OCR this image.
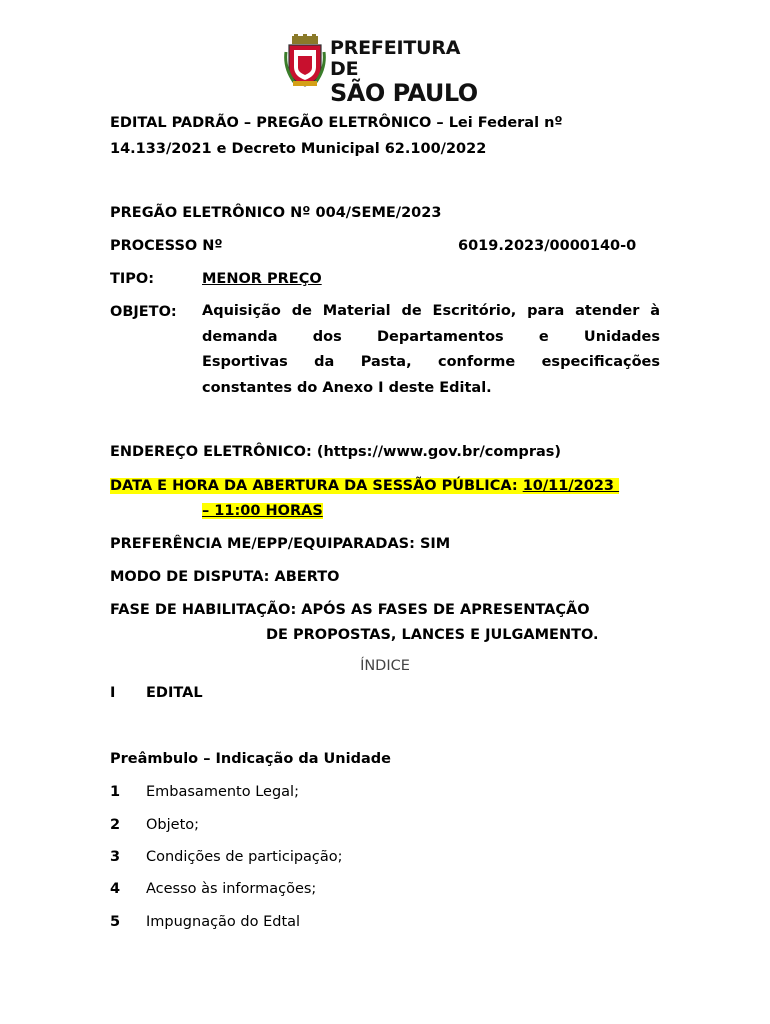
PREFEITURA DE
SÃO PAULO
EDITAL PADRÃO – PREGÃO ELETRÔNICO – Lei Federal nº
14.133/2021 e Decreto Municipal 62.100/2022
PREGÃO ELETRÔNICO Nº 004/SEME/2023
PROCESSO Nº	6019.2023/0000140-0
TIPO:	MENOR PREÇO
OBJETO: Aquisição de Material de Escritório, para atender à
demanda dos Departamentos e Unidades
Esportivas da Pasta, conforme especificações
constantes do Anexo I deste Edital.
ENDEREÇO ELETRÔNICO: (https://www.gov.br/compras)
DATA E HORA DA ABERTURA DA SESSÃO PÚBLICA: 10/11/2023
– 11:00 HORAS
PREFERÊNCIA ME/EPP/EQUIPARADAS: SIM
MODO DE DISPUTA: ABERTO
FASE DE HABILITAÇÃO: APÓS AS FASES DE APRESENTAÇÃO
DE PROPOSTAS, LANCES E JULGAMENTO.
ÍNDICE
I EDITAL
Preâmbulo – Indicação da Unidade
1 Embasamento Legal;
2 Objeto;
3 Condições de participação;
4 Acesso às informações;
5 Impugnação do Edtal
